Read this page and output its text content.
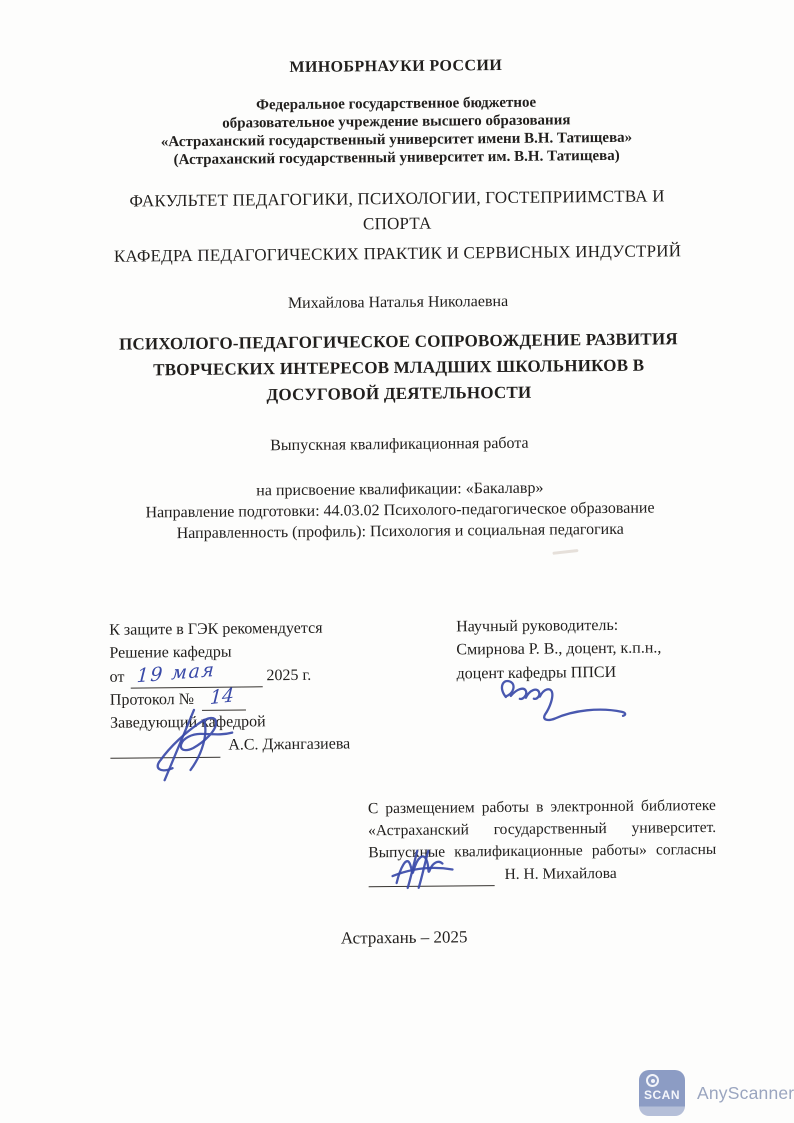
МИНОБРНАУКИ РОССИИ
Федеральное государственное бюджетное
образовательное учреждение высшего образования
«Астраханский государственный университет имени В.Н. Татищева»
(Астраханский государственный университет им. В.Н. Татищева)
ФАКУЛЬТЕТ ПЕДАГОГИКИ, ПСИХОЛОГИИ, ГОСТЕПРИИМСТВА И
СПОРТА
КАФЕДРА ПЕДАГОГИЧЕСКИХ ПРАКТИК И СЕРВИСНЫХ ИНДУСТРИЙ
Михайлова Наталья Николаевна
ПСИХОЛОГО-ПЕДАГОГИЧЕСКОЕ СОПРОВОЖДЕНИЕ РАЗВИТИЯ
ТВОРЧЕСКИХ ИНТЕРЕСОВ МЛАДШИХ ШКОЛЬНИКОВ В
ДОСУГОВОЙ ДЕЯТЕЛЬНОСТИ
Выпускная квалификационная работа
на присвоение квалификации: «Бакалавр»
Направление подготовки: 44.03.02 Психолого-педагогическое образование
Направленность (профиль): Психология и социальная педагогика
К защите в ГЭК рекомендуется
Решение кафедры
от 19 мая	2025 г.
Протокол № 14
Заведующий кафедрой
А.С. Джангазиева
Научный руководитель:
Смирнова Р. В., доцент, к.п.н.,
доцент кафедры ППСИ
С размещением работы в электронной библиотеке
«Астраханский государственный университет.
Выпускные квалификационные работы» согласны
Н. Н. Михайлова
Астрахань – 2025
SCAN AnyScanner
